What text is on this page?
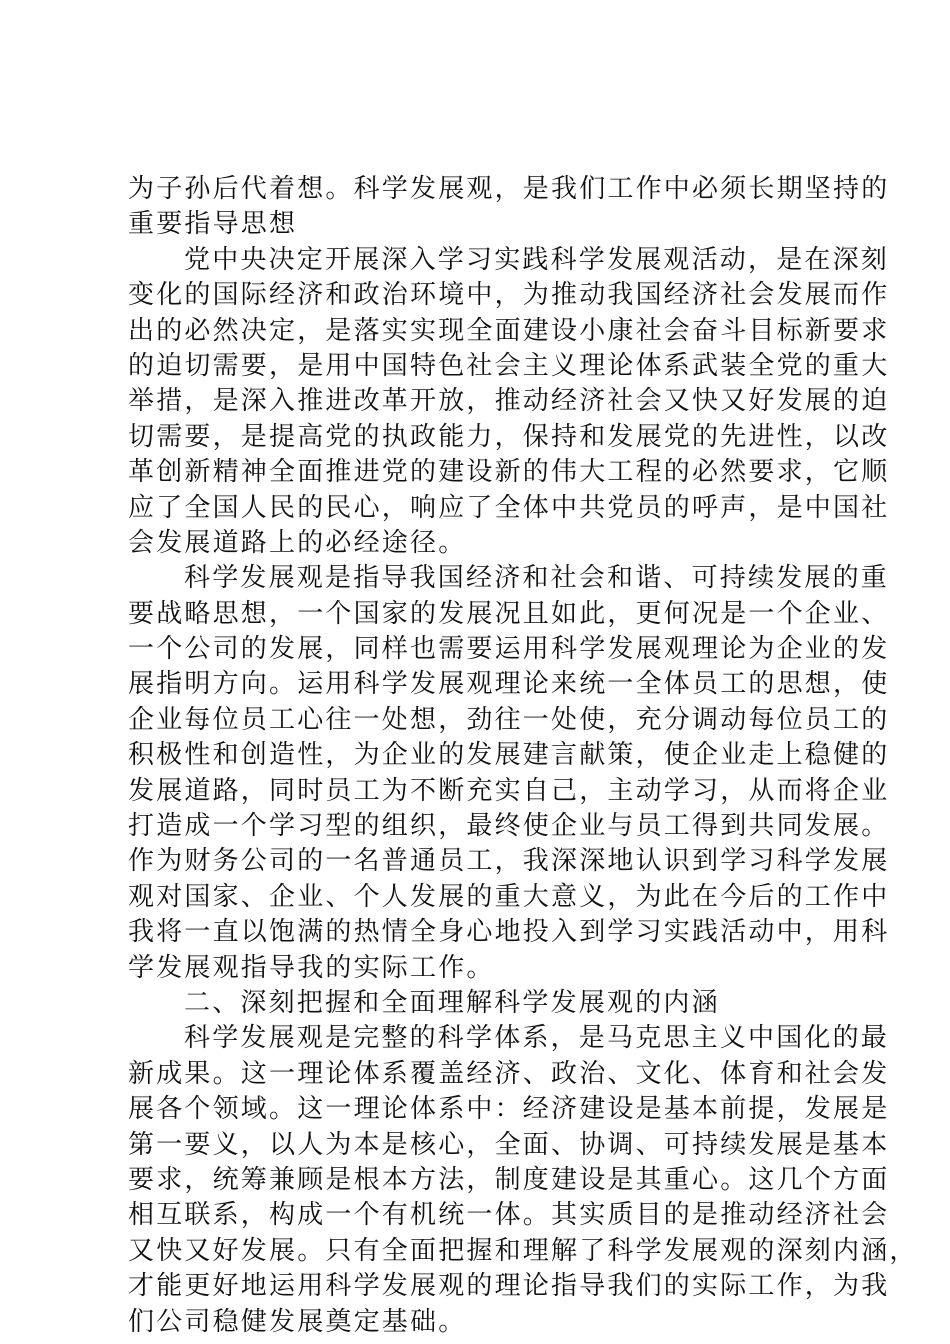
为子孙后代着想。科学发展观，是我们工作中必须长期坚持的
重要指导思想
党中央决定开展深入学习实践科学发展观活动，是在深刻
变化的国际经济和政治环境中，为推动我国经济社会发展而作
出的必然决定，是落实实现全面建设小康社会奋斗目标新要求
的迫切需要，是用中国特色社会主义理论体系武装全党的重大
举措，是深入推进改革开放，推动经济社会又快又好发展的迫
切需要，是提高党的执政能力，保持和发展党的先进性，以改
革创新精神全面推进党的建设新的伟大工程的必然要求，它顺
应了全国人民的民心，响应了全体中共党员的呼声，是中国社
会发展道路上的必经途径。
科学发展观是指导我国经济和社会和谐、可持续发展的重
要战略思想，一个国家的发展况且如此，更何况是一个企业、
一个公司的发展，同样也需要运用科学发展观理论为企业的发
展指明方向。运用科学发展观理论来统一全体员工的思想，使
企业每位员工心往一处想，劲往一处使，充分调动每位员工的
积极性和创造性，为企业的发展建言献策，使企业走上稳健的
发展道路，同时员工为不断充实自己，主动学习，从而将企业
打造成一个学习型的组织，最终使企业与员工得到共同发展。
作为财务公司的一名普通员工，我深深地认识到学习科学发展
观对国家、企业、个人发展的重大意义，为此在今后的工作中
我将一直以饱满的热情全身心地投入到学习实践活动中，用科
学发展观指导我的实际工作。
二、深刻把握和全面理解科学发展观的内涵
科学发展观是完整的科学体系，是马克思主义中国化的最
新成果。这一理论体系覆盖经济、政治、文化、体育和社会发
展各个领域。这一理论体系中：经济建设是基本前提，发展是
第一要义，以人为本是核心，全面、协调、可持续发展是基本
要求，统筹兼顾是根本方法，制度建设是其重心。这几个方面
相互联系，构成一个有机统一体。其实质目的是推动经济社会
又快又好发展。只有全面把握和理解了科学发展观的深刻内涵，
才能更好地运用科学发展观的理论指导我们的实际工作，为我
们公司稳健发展奠定基础。
